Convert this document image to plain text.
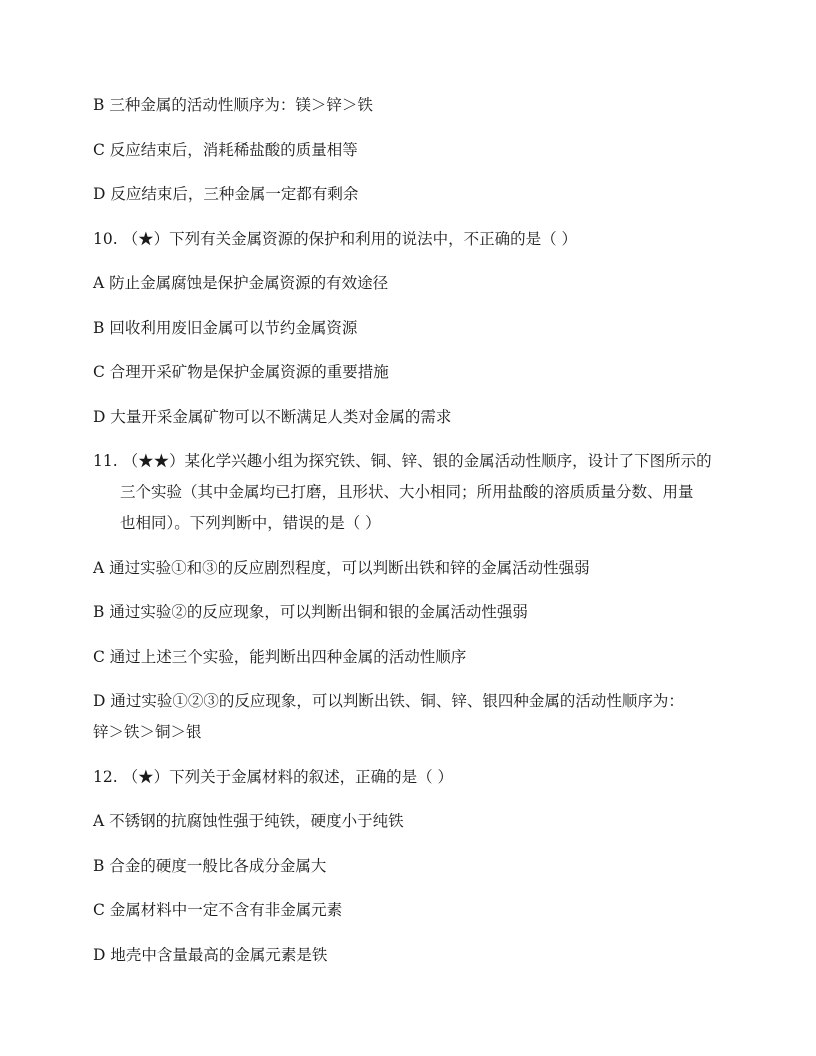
B 三种金属的活动性顺序为：镁＞锌＞铁
C 反应结束后，消耗稀盐酸的质量相等
D 反应结束后，三种金属一定都有剩余
10. （★）下列有关金属资源的保护和利用的说法中，不正确的是（ ）
A 防止金属腐蚀是保护金属资源的有效途径
B 回收利用废旧金属可以节约金属资源
C 合理开采矿物是保护金属资源的重要措施
D 大量开采金属矿物可以不断满足人类对金属的需求
11. （★★）某化学兴趣小组为探究铁、铜、锌、银的金属活动性顺序，设计了下图所示的
三个实验（其中金属均已打磨，且形状、大小相同；所用盐酸的溶质质量分数、用量
也相同）。下列判断中，错误的是（ ）
A 通过实验①和③的反应剧烈程度，可以判断出铁和锌的金属活动性强弱
B 通过实验②的反应现象，可以判断出铜和银的金属活动性强弱
C 通过上述三个实验，能判断出四种金属的活动性顺序
D 通过实验①②③的反应现象，可以判断出铁、铜、锌、银四种金属的活动性顺序为：
锌＞铁＞铜＞银
12. （★）下列关于金属材料的叙述，正确的是（ ）
A 不锈钢的抗腐蚀性强于纯铁，硬度小于纯铁
B 合金的硬度一般比各成分金属大
C 金属材料中一定不含有非金属元素
D 地壳中含量最高的金属元素是铁
